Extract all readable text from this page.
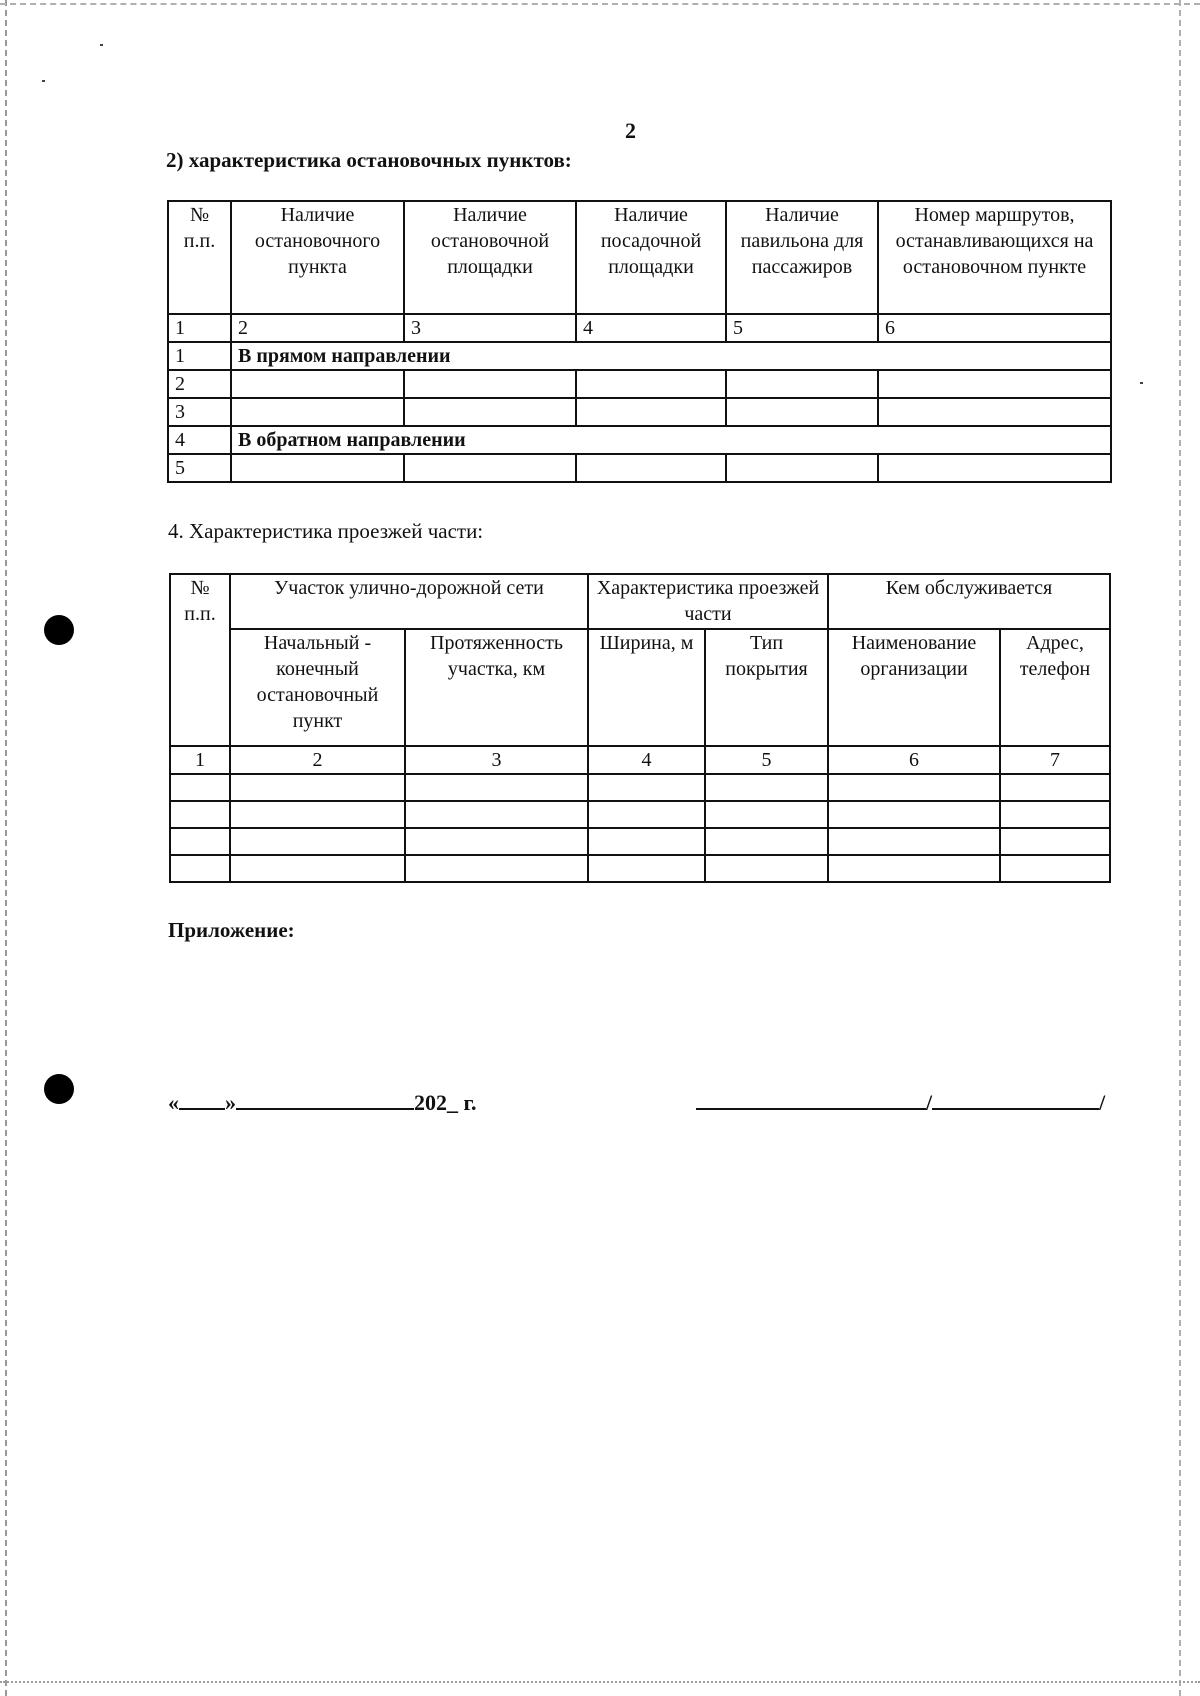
2
2) характеристика остановочных пунктов:
№ п.п.	Наличие остановочного пункта	Наличие остановочной площадки	Наличие посадочной площадки	Наличие павильона для пассажиров	Номер маршрутов, останавливающихся на остановочном пункте
1	2	3	4	5	6
1	В прямом направлении				
2					
3					
4	В обратном направлении				
5					
4. Характеристика проезжей части:
№ п.п.	Участок улично-дорожной сети		Характеристика проезжей части		Кем обслуживается	
	Начальный - конечный остановочный пункт	Протяженность участка, км	Ширина, м	Тип покрытия	Наименование организации	Адрес, телефон
1	2	3	4	5	6	7

Приложение:
« »	202_ г.	/	/
